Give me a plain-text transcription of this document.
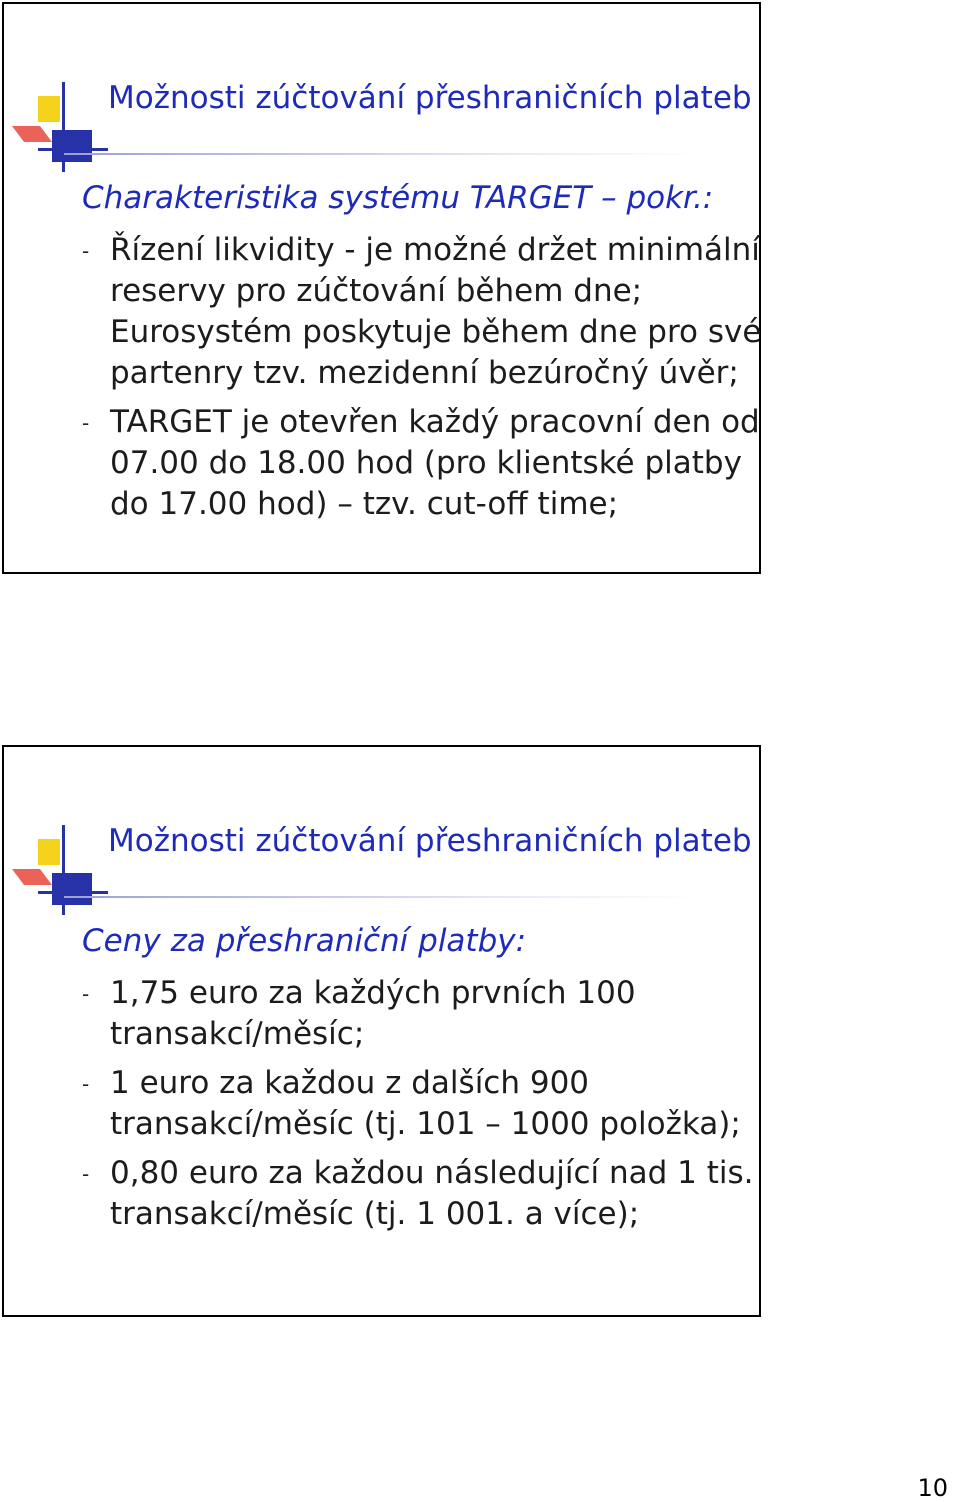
Možnosti zúčtování přeshraničních plateb
Charakteristika systému TARGET – pokr.:
- Řízení likvidity - je možné držet minimální
reservy pro zúčtování během dne;
Eurosystém poskytuje během dne pro své
partenry tzv. mezidenní bezúročný úvěr;
- TARGET je otevřen každý pracovní den od
07.00 do 18.00 hod (pro klientské platby
do 17.00 hod) – tzv. cut-off time;
Možnosti zúčtování přeshraničních plateb
Ceny za přeshraniční platby:
- 1,75 euro za každých prvních 100
transakcí/měsíc;
- 1 euro za každou z dalších 900
transakcí/měsíc (tj. 101 – 1000 položka);
- 0,80 euro za každou následující nad 1 tis.
transakcí/měsíc (tj. 1 001. a více);
10
